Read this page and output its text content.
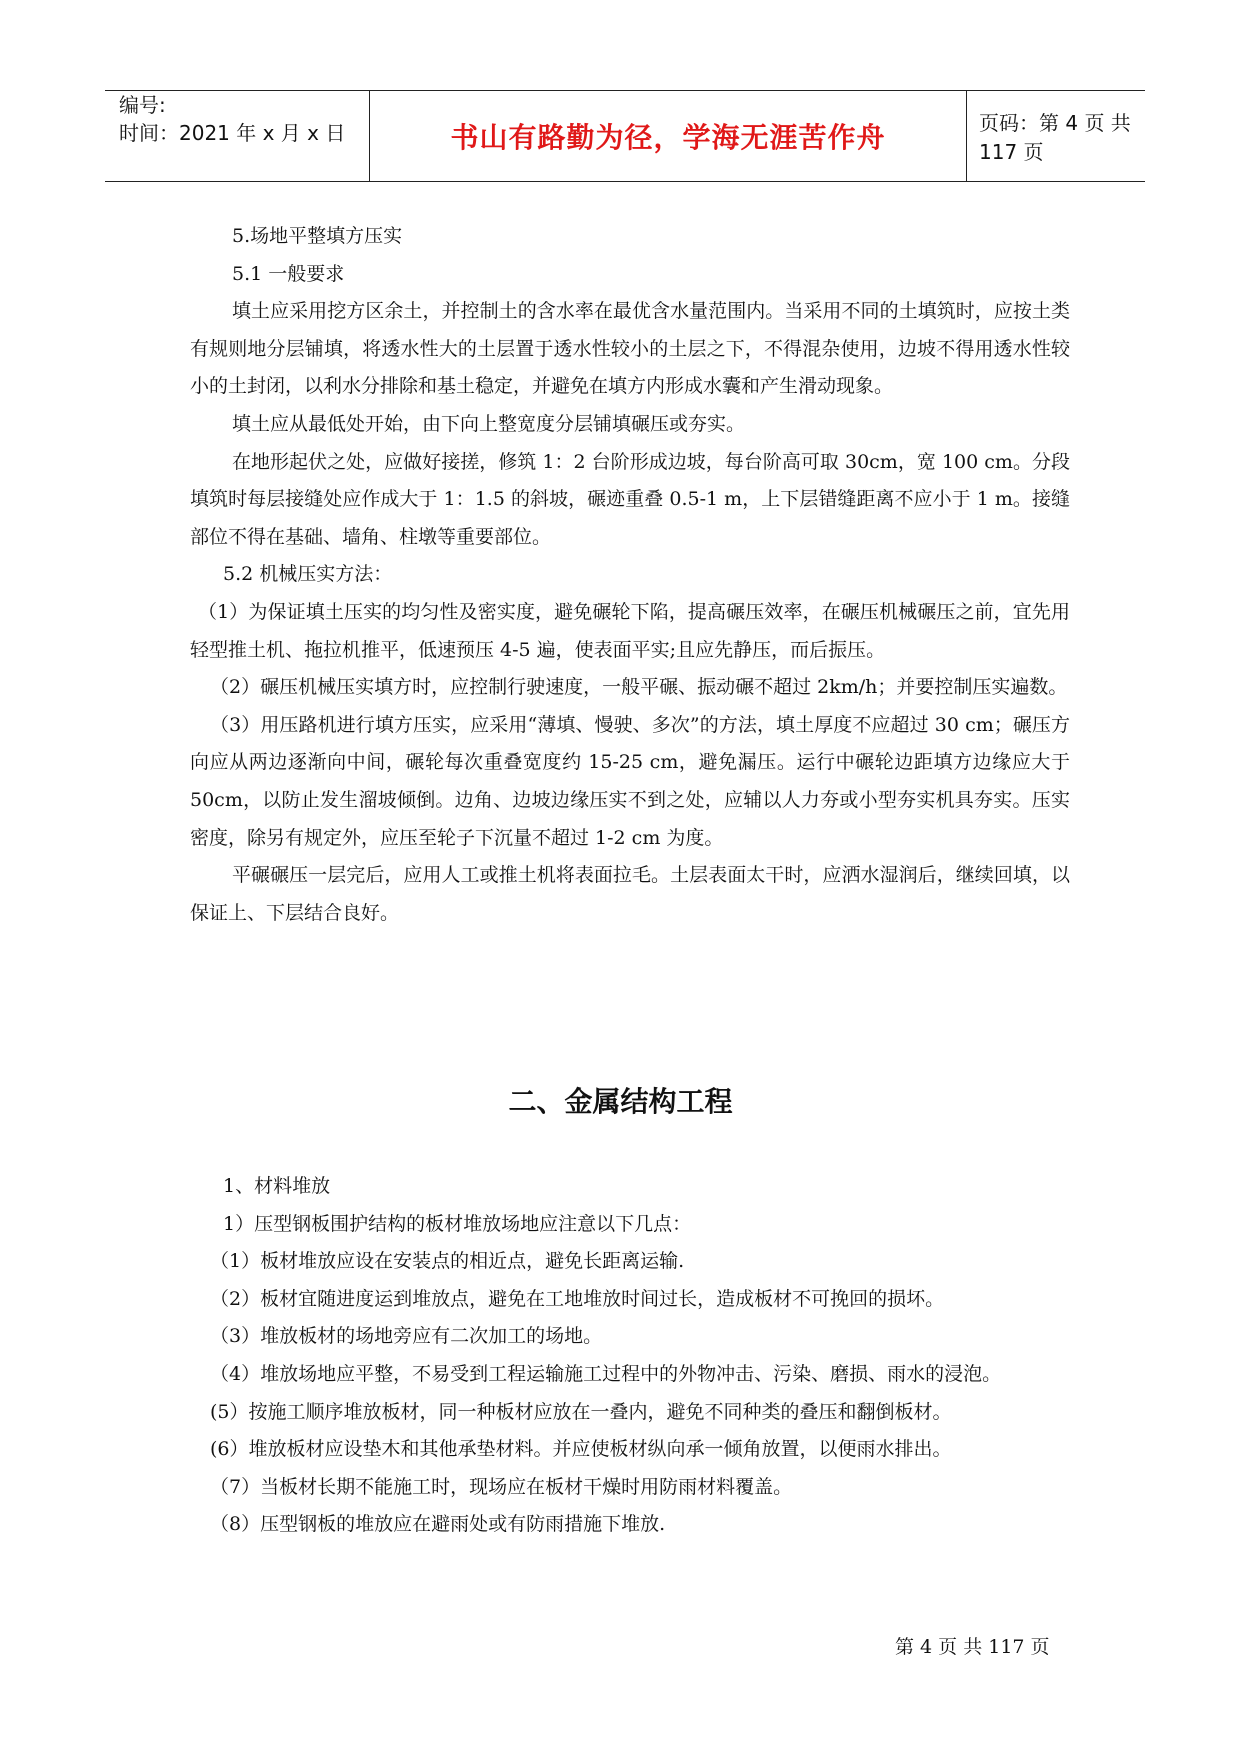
编号:
时间：2021 年 x 月 x 日	书山有路勤为径，学海无涯苦作舟	页码：第 4 页 共 117 页

5.场地平整填方压实

5.1 一般要求

填土应采用挖方区余土，并控制土的含水率在最优含水量范围内。当采用不同的土填筑时，应按土类有规则地分层铺填，将透水性大的土层置于透水性较小的土层之下，不得混杂使用，边坡不得用透水性较小的土封闭，以利水分排除和基土稳定，并避免在填方内形成水囊和产生滑动现象。

填土应从最低处开始，由下向上整宽度分层铺填碾压或夯实。

在地形起伏之处，应做好接搓，修筑 1：2 台阶形成边坡，每台阶高可取 30cm，宽 100 cm。分段填筑时每层接缝处应作成大于 1：1.5 的斜坡，碾迹重叠 0.5-1 m，上下层错缝距离不应小于 1 m。接缝部位不得在基础、墙角、柱墩等重要部位。

5.2 机械压实方法：

（1）为保证填土压实的均匀性及密实度，避免碾轮下陷，提高碾压效率，在碾压机械碾压之前，宜先用轻型推土机、拖拉机推平，低速预压 4-5 遍，使表面平实;且应先静压，而后振压。

（2）碾压机械压实填方时，应控制行驶速度，一般平碾、振动碾不超过 2km/h；并要控制压实遍数。

（3）用压路机进行填方压实，应采用“薄填、慢驶、多次”的方法，填土厚度不应超过 30 cm；碾压方向应从两边逐渐向中间，碾轮每次重叠宽度约 15-25 cm，避免漏压。运行中碾轮边距填方边缘应大于 50cm，以防止发生溜坡倾倒。边角、边坡边缘压实不到之处，应辅以人力夯或小型夯实机具夯实。压实密度，除另有规定外，应压至轮子下沉量不超过 1-2 cm 为度。

平碾碾压一层完后，应用人工或推土机将表面拉毛。土层表面太干时，应洒水湿润后，继续回填，以保证上、下层结合良好。

二、金属结构工程

1、材料堆放

1）压型钢板围护结构的板材堆放场地应注意以下几点：

（1）板材堆放应设在安装点的相近点，避免长距离运输.

（2）板材宜随进度运到堆放点，避免在工地堆放时间过长，造成板材不可挽回的损坏。

（3）堆放板材的场地旁应有二次加工的场地。

（4）堆放场地应平整，不易受到工程运输施工过程中的外物冲击、污染、磨损、雨水的浸泡。

(5）按施工顺序堆放板材，同一种板材应放在一叠内，避免不同种类的叠压和翻倒板材。

(6）堆放板材应设垫木和其他承垫材料。并应使板材纵向承一倾角放置，以便雨水排出。

（7）当板材长期不能施工时，现场应在板材干燥时用防雨材料覆盖。

（8）压型钢板的堆放应在避雨处或有防雨措施下堆放.

第 4 页 共 117 页
